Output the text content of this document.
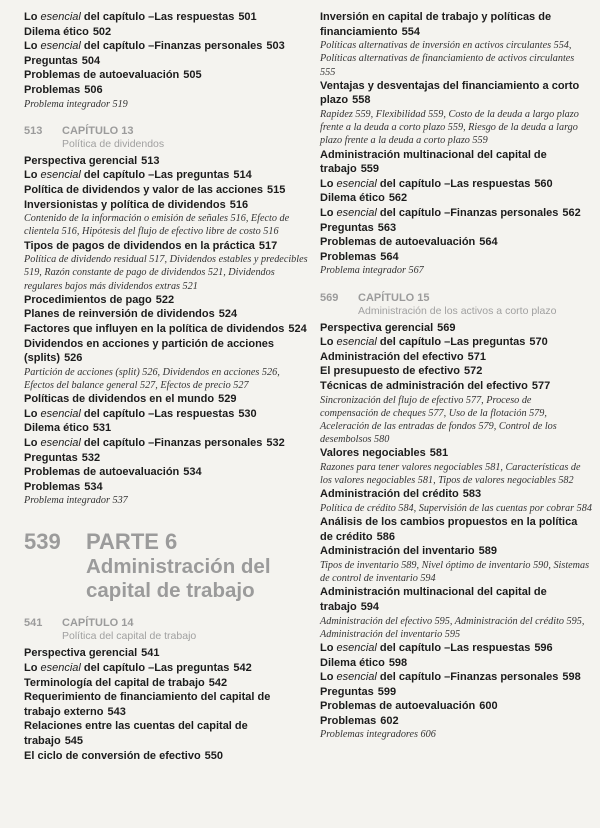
Lo esencial del capítulo –Las respuestas 501
Dilema ético 502
Lo esencial del capítulo –Finanzas personales 503
Preguntas 504
Problemas de autoevaluación 505
Problemas 506
Problema integrador 519
513 CAPÍTULO 13
Política de dividendos
Perspectiva gerencial 513
Lo esencial del capítulo –Las preguntas 514
Política de dividendos y valor de las acciones 515
Inversionistas y política de dividendos 516
Contenido de la información o emisión de señales 516, Efecto de clientela 516, Hipótesis del flujo de efectivo libre de costo 516
Tipos de pagos de dividendos en la práctica 517
Política de dividendo residual 517, Dividendos estables y predecibles 519, Razón constante de pago de dividendos 521, Dividendos regulares bajos más dividendos extras 521
Procedimientos de pago 522
Planes de reinversión de dividendos 524
Factores que influyen en la política de dividendos 524
Dividendos en acciones y partición de acciones (splits) 526
Partición de acciones (split) 526, Dividendos en acciones 526, Efectos del balance general 527, Efectos de precio 527
Políticas de dividendos en el mundo 529
Lo esencial del capítulo –Las respuestas 530
Dilema ético 531
Lo esencial del capítulo –Finanzas personales 532
Preguntas 532
Problemas de autoevaluación 534
Problemas 534
Problema integrador 537
539	PARTE 6
Administración del
capital de trabajo
541 CAPÍTULO 14
Política del capital de trabajo
Perspectiva gerencial 541
Lo esencial del capítulo –Las preguntas 542
Terminología del capital de trabajo 542
Requerimiento de financiamiento del capital de trabajo externo 543
Relaciones entre las cuentas del capital de trabajo 545
El ciclo de conversión de efectivo 550
Inversión en capital de trabajo y políticas de financiamiento 554
Políticas alternativas de inversión en activos circulantes 554, Políticas alternativas de financiamiento de activos circulantes 555
Ventajas y desventajas del financiamiento a corto plazo 558
Rapidez 559, Flexibilidad 559, Costo de la deuda a largo plazo frente a la deuda a corto plazo 559, Riesgo de la deuda a largo plazo frente a la deuda a corto plazo 559
Administración multinacional del capital de trabajo 559
Lo esencial del capítulo –Las respuestas 560
Dilema ético 562
Lo esencial del capítulo –Finanzas personales 562
Preguntas 563
Problemas de autoevaluación 564
Problemas 564
Problema integrador 567
569 CAPÍTULO 15
Administración de los activos a corto plazo
Perspectiva gerencial 569
Lo esencial del capítulo –Las preguntas 570
Administración del efectivo 571
El presupuesto de efectivo 572
Técnicas de administración del efectivo 577
Sincronización del flujo de efectivo 577, Proceso de compensación de cheques 577, Uso de la flotación 579, Aceleración de las entradas de fondos 579, Control de los desembolsos 580
Valores negociables 581
Razones para tener valores negociables 581, Características de los valores negociables 581, Tipos de valores negociables 582
Administración del crédito 583
Política de crédito 584, Supervisión de las cuentas por cobrar 584
Análisis de los cambios propuestos en la política de crédito 586
Administración del inventario 589
Tipos de inventario 589, Nivel óptimo de inventario 590, Sistemas de control de inventario 594
Administración multinacional del capital de trabajo 594
Administración del efectivo 595, Administración del crédito 595, Administración del inventario 595
Lo esencial del capítulo –Las respuestas 596
Dilema ético 598
Lo esencial del capítulo –Finanzas personales 598
Preguntas 599
Problemas de autoevaluación 600
Problemas 602
Problemas integradores 606
